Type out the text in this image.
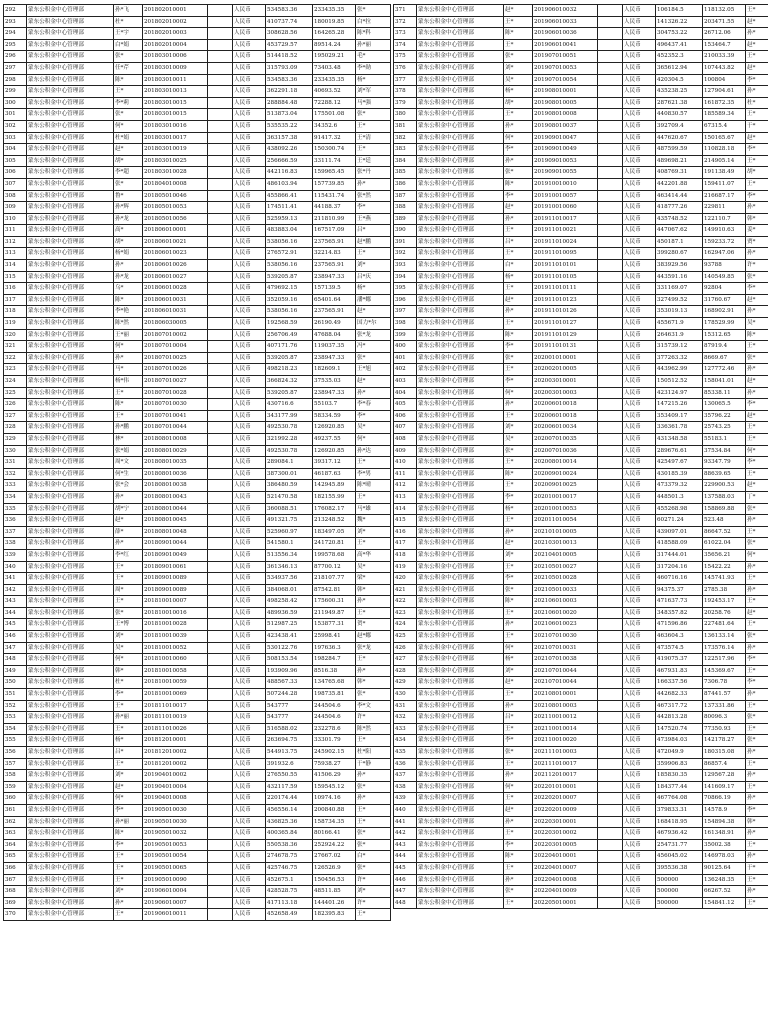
292	蒙东公积金中心管理部	孙*飞	201802010001		人民币	534583.36	233435.35	张*
293	蒙东公积金中心管理部	杜*	201802010002		人民币	410737.74	180019.85	白*拉
294	蒙东公积金中心管理部	王*宇	201802010003		人民币	308628.56	164265.28	陈*科
295	蒙东公积金中心管理部	白*娟	201802010004		人民币	453729.57	89514.24	孙*丽
296	蒙东公积金中心管理部	张*	201803010006		人民币	514418.52	195029.21	毛*
297	蒙东公积金中心管理部	任*芹	201803010009		人民币	315793.09	73403.48	李*勋
298	蒙东公积金中心管理部	陈*	201803010011		人民币	534583.36	233435.35	杨*
299	蒙东公积金中心管理部	王*	201803010013		人民币	362291.18	40693.52	刘*军
300	蒙东公积金中心管理部	李*莉	201803010015		人民币	288884.48	72288.12	马*强
301	蒙东公积金中心管理部	张*	201803010015		人民币	513873.04	175501.08	张*
302	蒙东公积金中心管理部	何*	201803010016		人民币	535535.22	34352.6	王*
303	蒙东公积金中心管理部	杜*娟	201803010017		人民币	363157.38	91417.32	王*清
304	蒙东公积金中心管理部	赵*	201803010019		人民币	438092.26	150300.74	王*
305	蒙东公积金中心管理部	胡*	201803010025		人民币	256666.59	33111.74	王*廷
306	蒙东公积金中心管理部	李*超	201803010028		人民币	442116.83	159965.45	张*丹
307	蒙东公积金中心管理部	张*	201804010008		人民币	486103.94	157739.85	孙*
308	蒙东公积金中心管理部	鲁*	201805010046		人民币	455866.41	115431.74	张*然
309	蒙东公积金中心管理部	孙*辉	201805010053		人民币	174511.41	44188.37	李*
310	蒙东公积金中心管理部	孙*龙	201805010056		人民币	525959.13	211810.99	王*燕
311	蒙东公积金中心管理部	高*	201806010001		人民币	483883.04	167517.09	吕*
312	蒙东公积金中心管理部	胡*	201806010021		人民币	538056.16	237565.91	赵*鹏
313	蒙东公积金中心管理部	杨*娟	201806010023		人民币	276572.91	32214.83	王*
314	蒙东公积金中心管理部	孙*	201806010026		人民币	538056.16	237565.91	刘*
315	蒙东公积金中心管理部	孙*龙	201806010027		人民币	539205.87	238947.33	吕*庆
316	蒙东公积金中心管理部	乌*	201806010028		人民币	479692.15	157139.5	杨*
317	蒙东公积金中心管理部	陈*	201806010031		人民币	352059.16	65401.64	潘*娜
318	蒙东公积金中心管理部	李*艳	201806010031		人民币	538056.16	237565.91	赵*
319	蒙东公积金中心管理部	陈*然	201806030005		人民币	192568.59	26190.49	国力*尔
320	蒙东公积金中心管理部	王*丽	201807010002		人民币	256706.49	47688.04	张*龙
321	蒙东公积金中心管理部	何*	201807010004		人民币	407171.76	119037.35	冯*
322	蒙东公积金中心管理部	孙*	201807010025		人民币	539205.87	238947.33	张*
323	蒙东公积金中心管理部	马*	201807010026		人民币	498218.23	182609.1	王*旭
324	蒙东公积金中心管理部	杨*伟	201807010027		人民币	366824.32	37535.03	赵*
325	蒙东公积金中心管理部	王*	201807010028		人民币	539205.87	238947.33	孙*
326	蒙东公积金中心管理部	陈*	201807010030		人民币	430716.6	55103.7	李*春
327	蒙东公积金中心管理部	王*	201807010041		人民币	343177.99	58334.59	李*
328	蒙东公积金中心管理部	孙*鹏	201807010044		人民币	492530.78	126920.85	吴*
329	蒙东公积金中心管理部	林*	201808010008		人民币	321992.28	49237.55	何*
330	蒙东公积金中心管理部	张*娟	201808010029		人民币	492530.78	126920.85	孙*达
331	蒙东公积金中心管理部	周*文	201808010035		人民币	289084.1	39317.12	王*
332	蒙东公积金中心管理部	何*生	201808010036		人民币	387300.01	46187.63	李*男
333	蒙东公积金中心管理部	张*会	201808010038		人民币	386480.59	142945.89	陈*晴
334	蒙东公积金中心管理部	孙*	201808010043		人民币	521470.58	182155.99	王*
335	蒙东公积金中心管理部	胡*宁	201808010044		人民币	360088.51	176082.17	马*雄
336	蒙东公积金中心管理部	赵*	201808010045		人民币	491321.75	213248.52	魏*
337	蒙东公积金中心管理部	薛*	201808010048		人民币	525960.97	183497.05	刘*
338	蒙东公积金中心管理部	孙*	201809010044		人民币	541580.1	241720.81	王*
339	蒙东公积金中心管理部	李*红	201809010049		人民币	513556.34	199578.68	高*华
340	蒙东公积金中心管理部	王*	201809010061		人民币	361346.13	87700.12	吴*
341	蒙东公积金中心管理部	王*	201809010089		人民币	534937.56	218107.77	梁*
342	蒙东公积金中心管理部	周*	201809010089		人民币	384068.01	87542.81	韩*
343	蒙东公积金中心管理部	王*	201810010007		人民币	498258.42	175600.31	孙*
344	蒙东公积金中心管理部	张*	201810010016		人民币	489936.59	211949.87	王*
345	蒙东公积金中心管理部	王*博	201810010028		人民币	512987.25	153877.31	贺*
346	蒙东公积金中心管理部	刘*	201810010039		人民币	423438.41	25998.41	赵*娜
347	蒙东公积金中心管理部	吴*	201810010052		人民币	530122.76	197636.3	张*龙
348	蒙东公积金中心管理部	何*	201810010060		人民币	508153.54	198284.7	王*
349	蒙东公积金中心管理部	韩*	201810010058		人民币	193909.96	8516.38	孙*
350	蒙东公积金中心管理部	杜*	201810010059		人民币	488567.33	134765.68	韩*
351	蒙东公积金中心管理部	李*	201810010069		人民币	507244.28	198735.81	张*
352	蒙东公积金中心管理部	王*	201811010017		人民币	543777	244504.6	李*文
353	蒙东公积金中心管理部	孙*丽	201811010019		人民币	543777	244504.6	许*
354	蒙东公积金中心管理部	王*	201811010026		人民币	516588.02	232278.6	陈*然
355	蒙东公积金中心管理部	杨*	201812010001		人民币	263694.75	33301.79	王*
356	蒙东公积金中心管理部	吕*	201812010002		人民币	544913.75	245902.15	杜*阳
357	蒙东公积金中心管理部	王*	201812010002		人民币	391932.6	75938.27	于*静
358	蒙东公积金中心管理部	刘*	201904010002		人民币	276550.55	41506.29	孙*
359	蒙东公积金中心管理部	赵*	201904010004		人民币	432117.59	159545.12	张*
360	蒙东公积金中心管理部	何*	201904010008		人民币	220174.44	10974.16	孙*
361	蒙东公积金中心管理部	李*	201905010030		人民币	456556.14	200840.88	王*
362	蒙东公积金中心管理部	孙*丽	201905010030		人民币	436825.36	158734.35	王*
363	蒙东公积金中心管理部	陈*	201905010032		人民币	400365.84	80166.41	张*
364	蒙东公积金中心管理部	李*	201905010053		人民币	550538.36	252924.22	张*
365	蒙东公积金中心管理部	王*	201905010054		人民币	274678.75	27667.02	白*
366	蒙东公积金中心管理部	王*	201905010065		人民币	425746.75	126526.9	张*
367	蒙东公积金中心管理部	王*	201905010090		人民币	452675.1	150456.53	许*
368	蒙东公积金中心管理部	刘*	201906010004		人民币	428528.75	48511.85	刘*
369	蒙东公积金中心管理部	孙*	201906010007		人民币	417113.18	144401.26	许*
370	蒙东公积金中心管理部	王*	201906010011		人民币	452658.49	182395.83	王*
371	蒙东公积金中心管理部	赵*	201906010032		人民币	106184.5	118132.05	王*
372	蒙东公积金中心管理部	王*	201906010033		人民币	141326.22	203471.55	赵*
373	蒙东公积金中心管理部	陈*	201906010036		人民币	304753.22	26712.06	孙*
374	蒙东公积金中心管理部	王*	201906010041		人民币	496437.41	153464.7	赵*
375	蒙东公积金中心管理部	张*	201907010051		人民币	452352.3	210033.39	王*
376	蒙东公积金中心管理部	刘*	201907010053		人民币	365612.94	107443.82	赵*
377	蒙东公积金中心管理部	吴*	201907010054		人民币	420304.5	100804	李*
378	蒙东公积金中心管理部	杨*	201908010001		人民币	435238.25	127904.61	孙*
379	蒙东公积金中心管理部	胡*	201908010005		人民币	287621.38	161872.35	杜*
380	蒙东公积金中心管理部	王*	201908010008		人民币	440830.57	185589.34	王*
381	蒙东公积金中心管理部	孙*	201908010037		人民币	392709.4	67315.4	于*
382	蒙东公积金中心管理部	何*	201909010047		人民币	447620.67	150165.67	赵*
383	蒙东公积金中心管理部	李*	201909010049		人民币	487599.59	110828.18	李*
384	蒙东公积金中心管理部	孙*	201909010053		人民币	489698.21	214905.14	王*
385	蒙东公积金中心管理部	张*	201909010055		人民币	408769.31	191138.49	胡*
386	蒙东公积金中心管理部	陈*	201910010010		人民币	442201.88	159411.07	王*
387	蒙东公积金中心管理部	李*	201910010057		人民币	463414.44	216687.17	李*
388	蒙东公积金中心管理部	赵*	201910010060		人民币	418777.26	229811	孙*
389	蒙东公积金中心管理部	孙*	201911010017		人民币	435748.52	122110.7	韩*
390	蒙东公积金中心管理部	王*	201911010021		人民币	447067.62	149910.63	姜*
391	蒙东公积金中心管理部	吕*	201911010024		人民币	450187.1	159233.72	贾*
392	蒙东公积金中心管理部	王*	201911010095		人民币	399280.67	162947.06	孙*
393	蒙东公积金中心管理部	白*	201911010101		人民币	383929.56	93788	许*
394	蒙东公积金中心管理部	杨*	201911010105		人民币	443591.16	140549.85	张*
395	蒙东公积金中心管理部	王*	201911010111		人民币	331169.07	92804	李*
396	蒙东公积金中心管理部	赵*	201911010123		人民币	327499.52	31760.67	赵*
397	蒙东公积金中心管理部	孙*	201911010126		人民币	353019.13	168902.91	孙*
398	蒙东公积金中心管理部	王*	201911010127		人民币	455671.9	178529.99	吴*
399	蒙东公积金中心管理部	陈*	201911010129		人民币	264631.9	15312.65	陈*
400	蒙东公积金中心管理部	李*	201911010131		人民币	315739.12	87919.4	王*
401	蒙东公积金中心管理部	张*	202001010001		人民币	377263.32	8669.67	张*
402	蒙东公积金中心管理部	王*	202002010005		人民币	443962.99	127772.46	孙*
403	蒙东公积金中心管理部	李*	202003010001		人民币	150512.52	158041.01	赵*
404	蒙东公积金中心管理部	何*	202003010003		人民币	423124.97	85338.11	孙*
405	蒙东公积金中心管理部	孙*	202006010018		人民币	147215.26	130065.5	李*
406	蒙东公积金中心管理部	王*	202006010018		人民币	353409.17	35796.22	赵*
407	蒙东公积金中心管理部	刘*	202006010034		人民币	336361.78	25743.25	王*
408	蒙东公积金中心管理部	吴*	202007010035		人民币	431348.58	55183.1	王*
409	蒙东公积金中心管理部	张*	202007010036		人民币	289676.61	37534.84	何*
410	蒙东公积金中心管理部	王*	202008010014		人民币	425497.67	93347.79	李*
411	蒙东公积金中心管理部	陈*	202009010024		人民币	430185.39	88639.65	王*
412	蒙东公积金中心管理部	王*	202009010025		人民币	473379.32	229900.53	赵*
413	蒙东公积金中心管理部	李*	202010010017		人民币	448501.3	137588.03	丁*
414	蒙东公积金中心管理部	杨*	202010010053		人民币	455268.98	158869.88	张*
415	蒙东公积金中心管理部	王*	202011010054		人民币	60271.24	523.48	孙*
416	蒙东公积金中心管理部	孙*	202101010005		人民币	439097.01	86647.52	王*
417	蒙东公积金中心管理部	赵*	202103010013		人民币	418588.09	61022.04	张*
418	蒙东公积金中心管理部	刘*	202104010005		人民币	317444.01	35656.21	何*
419	蒙东公积金中心管理部	王*	202105010027		人民币	317204.16	15422.22	孙*
420	蒙东公积金中心管理部	李*	202105010028		人民币	460716.16	145741.93	王*
421	蒙东公积金中心管理部	张*	202105010033		人民币	94375.37	2785.38	孙*
422	蒙东公积金中心管理部	陈*	202106010003		人民币	471637.73	192453.17	王*
423	蒙东公积金中心管理部	王*	202106010020		人民币	348357.82	20258.76	赵*
424	蒙东公积金中心管理部	孙*	202106010023		人民币	471596.86	227481.64	王*
425	蒙东公积金中心管理部	王*	202107010030		人民币	463604.3	136133.14	张*
426	蒙东公积金中心管理部	何*	202107010031		人民币	473574.5	173576.14	孙*
427	蒙东公积金中心管理部	杨*	202107010038		人民币	419075.37	122517.96	李*
428	蒙东公积金中心管理部	刘*	202107010044		人民币	467931.83	145369.67	王*
429	蒙东公积金中心管理部	赵*	202107010044		人民币	166337.56	7306.78	李*
430	蒙东公积金中心管理部	王*	202108010001		人民币	442682.33	87441.57	孙*
431	蒙东公积金中心管理部	孙*	202108010003		人民币	467317.72	137331.86	王*
432	蒙东公积金中心管理部	吕*	202110010012		人民币	442813.28	80096.3	张*
433	蒙东公积金中心管理部	王*	202110010014		人民币	147520.74	77350.93	王*
434	蒙东公积金中心管理部	李*	202110010020		人民币	473984.03	142178.27	张*
435	蒙东公积金中心管理部	张*	202111010003		人民币	472049.9	180315.08	孙*
436	蒙东公积金中心管理部	王*	202111010017		人民币	359906.83	86857.4	王*
437	蒙东公积金中心管理部	孙*	202112010017		人民币	185830.35	129567.28	孙*
438	蒙东公积金中心管理部	何*	202201010001		人民币	184377.44	141609.17	王*
439	蒙东公积金中心管理部	王*	202202010007		人民币	467764.08	70866.19	孙*
440	蒙东公积金中心管理部	赵*	202202010009		人民币	379833.31	14578.9	李*
441	蒙东公积金中心管理部	孙*	202203010001		人民币	168418.95	154894.38	韩*
442	蒙东公积金中心管理部	王*	202203010002		人民币	467936.42	161348.91	孙*
443	蒙东公积金中心管理部	李*	202203010005		人民币	254731.77	35002.38	王*
444	蒙东公积金中心管理部	陈*	202204010001		人民币	456045.02	146978.03	孙*
445	蒙东公积金中心管理部	王*	202204010007		人民币	395536.38	90125.64	于*
446	蒙东公积金中心管理部	孙*	202204010008		人民币	500000	136248.35	王*
447	蒙东公积金中心管理部	张*	202204010009		人民币	500000	66267.52	孙*
448	蒙东公积金中心管理部	王*	202205010001		人民币	500000	154841.12	王*
